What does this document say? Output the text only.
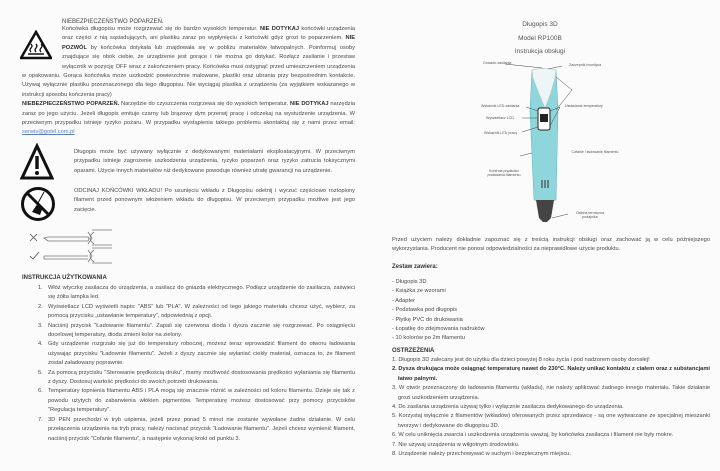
NIEBEZPIECZEŃSTWO POPARZEŃ.
Końcówka długopisu może rozgrzewać się do bardzo wysokich temperatur. NIE DOTYKAJ końcówki urządzenia oraz części z nią sąsiadujących, ani plastiku zaraz po wypłynięciu z końcówki gdyż grozi to poparzeniem. NIE POZWÓL by końcówka dotykała lub znajdowała się w pobliżu materiałów łatwopalnych. Poinformuj osoby znajdujące się obok ciebie, że urządzenie jest gorące i nie można go dotykać. Rozłącz zasilanie i przestaw wyłącznik w pozycję OFF wraz z zakończeniem pracy. Końcówka musi ostygnąć przed umieszczeniem urządzenia w opakowaniu. Gorąca końcówka może uszkodzić powierzchnie malowane, plastiki oraz ubrania przy bezpośrednim kontakcie. Używaj wyłącznie plastiku przeznaczonego dla tego długopisu. Nie wyciągaj plastika z urządzenia (za wyjątkiem wskazanego w instrukcji sposobu kończenia pracy)
NIEBEZPIECZEŃSTWO POPARZEŃ. Narzędzie do czyszczenia rozgrzewa się do wysokich temperatur. NIE DOTYKAJ narzędzia zaraz po jego użyciu. Jeżeli długopis emituje czarny lub brązowy dym przerwij pracę i odczekaj na wystudzenie urządzenia. W przeciwnym przypadku istnieje ryzyko pożaru. W przypadku wystąpienia takiego problemu skontaktuj się z nami przez email: serwis@gotel.com.pl
Długopis może być używany wyłącznie z dedykowanymi materiałami eksploatacyjnymi. W przeciwnym przypadku istnieje zagrożenie uszkodzenia urządzenia, ryzyko poparzeń oraz ryzyko zatrucia toksycznymi oparami. Użycie innych materiałów niż dedykowane powoduje również utratę gwarancji na urządzenie.
ODCINAJ KOŃCÓWKI WKŁADU! Po usunięciu wkładu z Długopisu odetnij i wyrzuć częściowo roztopiony filament przed ponownym włożeniem wkładu do długopisu. W przeciwnym przypadku możliwe jest jego zacięcie.
INSTRUKCJA UŻYTKOWANIA
1. Włóż wtyczkę zasilacza do urządzenia, a zasilacz do gniazda elektrycznego. Podłącz urządzenie do zasilacza, zaświeci się żółta lampka led.
2. Wyświetlacz LCD wyświetli napis: "ABS" lub "PLA". W zależności od tego jakiego materiału chcesz użyć, wybierz, za pomocą przycisku „ustawianie temperatury", odpowiednią z opcji.
3. Naciśnij przycisk "Ładowanie filamentu". Zapali się czerwona dioda i dysza zacznie się rozgrzewać. Po osiągnięciu docelowej temperatury, dioda zmieni kolor na zielony.
4. Gdy urządzenie rozgrzało się już do temperatury roboczej, możesz teraz wprowadzić filament do otworu ładowania używając przycisku "Ładownie filamentu". Jeżeli z dyszy zacznie się wyłaniać ciekły materiał, oznacza to, że filament został załadowany poprawnie.
5. Za pomocą przycisku "Sterowanie prędkością druku", mamy możliwość dostosowania prędkości wyłaniania się filamentu z dyszy. Dostosuj wartość prędkości do swoich potrzeb drukowania.
6. Temperatury topnienia filamentu ABS i PLA mogą się znacznie różnić w zależności od koloru filamentu. Dzieje się tak z powodu użytych do zabarwienia włókien pigmentów. Temperaturę możesz dostosować przy pomocy przycisków "Regulacja temperatury".
7. 3D PEN przechodzi w tryb uśpienia, jeżeli przez ponad 5 minut nie zostanie wywołane żadne działanie. W celu przełączenia urządzenia na tryb pracy, należy nacisnąć przycisk "Ładowanie filamentu". Jeżeli chcesz wymienić filament, naciśnij przycisk "Cofanie filamentu", a następnie wykonaj kroki od punktu 3.
Długopis 3D
Model RP100B
Instrukcja obsługi
Gniazdo zasilania	Zaczepnik hvordyna
Wskaźnik LED zasilania
Wyświetlacz LCD
Wskaźnik LED pracy
Ustawianie temperatury
Cofanie i ładowanie filamentu
Kontrola prędkości podawania filamentu
Osłona termiczna podajnika
Przed użyciem należy dokładnie zapoznać się z treścią instrukcji obsługi oraz zachować ją w celu późniejszego wykorzystania. Producent nie ponosi odpowiedzialności za nieprawidłowe użycie produktu.
Zestaw zawiera:
- Długopis 3D
- Książka ze wzorami
- Adapter
- Podstawka pod długopis
- Płytkę PVC do drukowania
- Łopatkę do zdejmowania nadruków
- 10 kolorów po 2m filamentu
OSTRZEŻENIA
1. Długopis 3D zalecany jest do użytku dla dzieci powyżej 8 roku życia i pod nadzorem osoby dorosłej!
2. Dysza drukująca może osiągnąć temperaturę nawet do 230°C. Należy unikać kontaktu z ciałem oraz z substancjami łatwo palnymi.
3. W otwór przeznaczony do ładowania filamentu (wkładu), nie należy aplikować żadnego innego materiału. Takie działanie grozi uszkodzeniem urządzenia.
4. Do zasilania urządzenia używaj tylko i wyłącznie zasilacza dedykowanego do urządzenia.
5. Korzystaj wyłącznie z filamentów (wkładów) oferowanych przez sprzedawcę - są one wytwarzane ze specjalnej mieszanki tworzyw i dedykowane do długopisu 3D.
6. W celu uniknięcia zwarcia i uszkodzenia urządzenia uważaj, by końcówka zasilacza i filament nie były mokre.
7. Nie używaj urządzenia w wilgotnym środowisku.
8. Urządzenie należy przechowywać w suchym i bezpiecznym miejscu.
